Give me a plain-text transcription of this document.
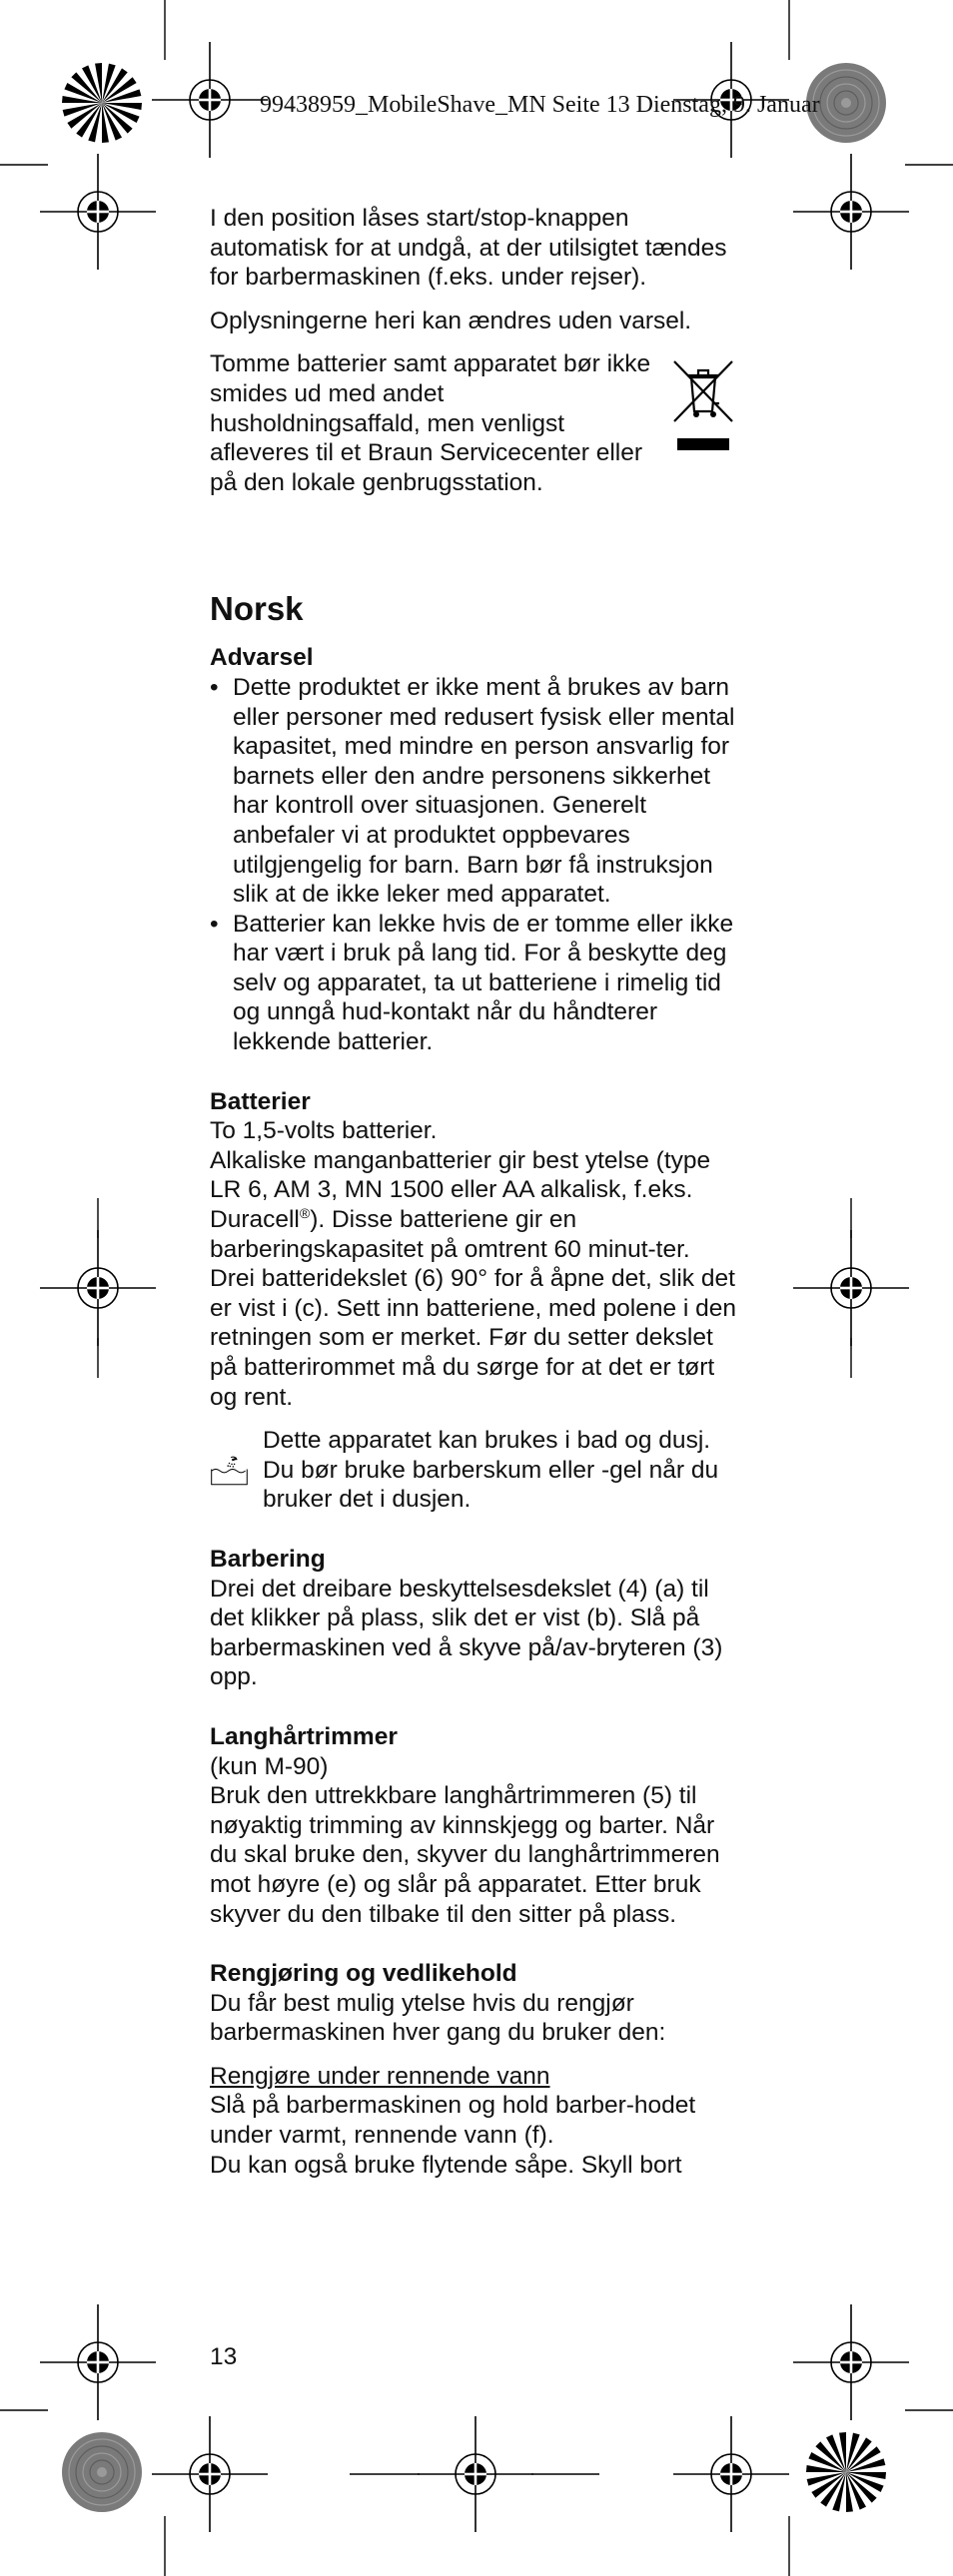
99438959_MobileShave_MN Seite 13 Dienstag, 9. Januar

I den position låses start/stop-knappen automatisk for at undgå, at der utilsigtet tændes for barbermaskinen (f.eks. under rejser).

Oplysningerne heri kan ændres uden varsel.

Tomme batterier samt apparatet bør ikke smides ud med andet husholdningsaffald, men venligst afleveres til et Braun Servicecenter eller på den lokale genbrugsstation.

Norsk
Advarsel
• Dette produktet er ikke ment å brukes av barn eller personer med redusert fysisk eller mental kapasitet, med mindre en person ansvarlig for barnets eller den andre personens sikkerhet har kontroll over situasjonen. Generelt anbefaler vi at produktet oppbevares utilgjengelig for barn. Barn bør få instruksjon slik at de ikke leker med apparatet.
• Batterier kan lekke hvis de er tomme eller ikke har vært i bruk på lang tid. For å beskytte deg selv og apparatet, ta ut batteriene i rimelig tid og unngå hud-kontakt når du håndterer lekkende batterier.
Batterier

To 1,5-volts batterier.

Alkaliske manganbatterier gir best ytelse (type LR 6, AM 3, MN 1500 eller AA alkalisk, f.eks. Duracell®). Disse batteriene gir en barberingskapasitet på omtrent 60 minut-ter. Drei batteridekslet (6) 90° for å åpne det, slik det er vist i (c). Sett inn batteriene, med polene i den retningen som er merket. Før du setter dekslet på batterirommet må du sørge for at det er tørt og rent.

Dette apparatet kan brukes i bad og dusj. Du bør bruke barberskum eller -gel når du bruker det i dusjen.

Barbering

Drei det dreibare beskyttelsesdekslet (4) (a) til det klikker på plass, slik det er vist (b). Slå på barbermaskinen ved å skyve på/av-bryteren (3) opp.

Langhårtrimmer

(kun M-90)

Bruk den uttrekkbare langhårtrimmeren (5) til nøyaktig trimming av kinnskjegg og barter. Når du skal bruke den, skyver du langhårtrimmeren mot høyre (e) og slår på apparatet. Etter bruk skyver du den tilbake til den sitter på plass.

Rengjøring og vedlikehold

Du får best mulig ytelse hvis du rengjør barbermaskinen hver gang du bruker den:

Rengjøre under rennende vann

Slå på barbermaskinen og hold barber-hodet under varmt, rennende vann (f).

Du kan også bruke flytende såpe. Skyll bort

13
